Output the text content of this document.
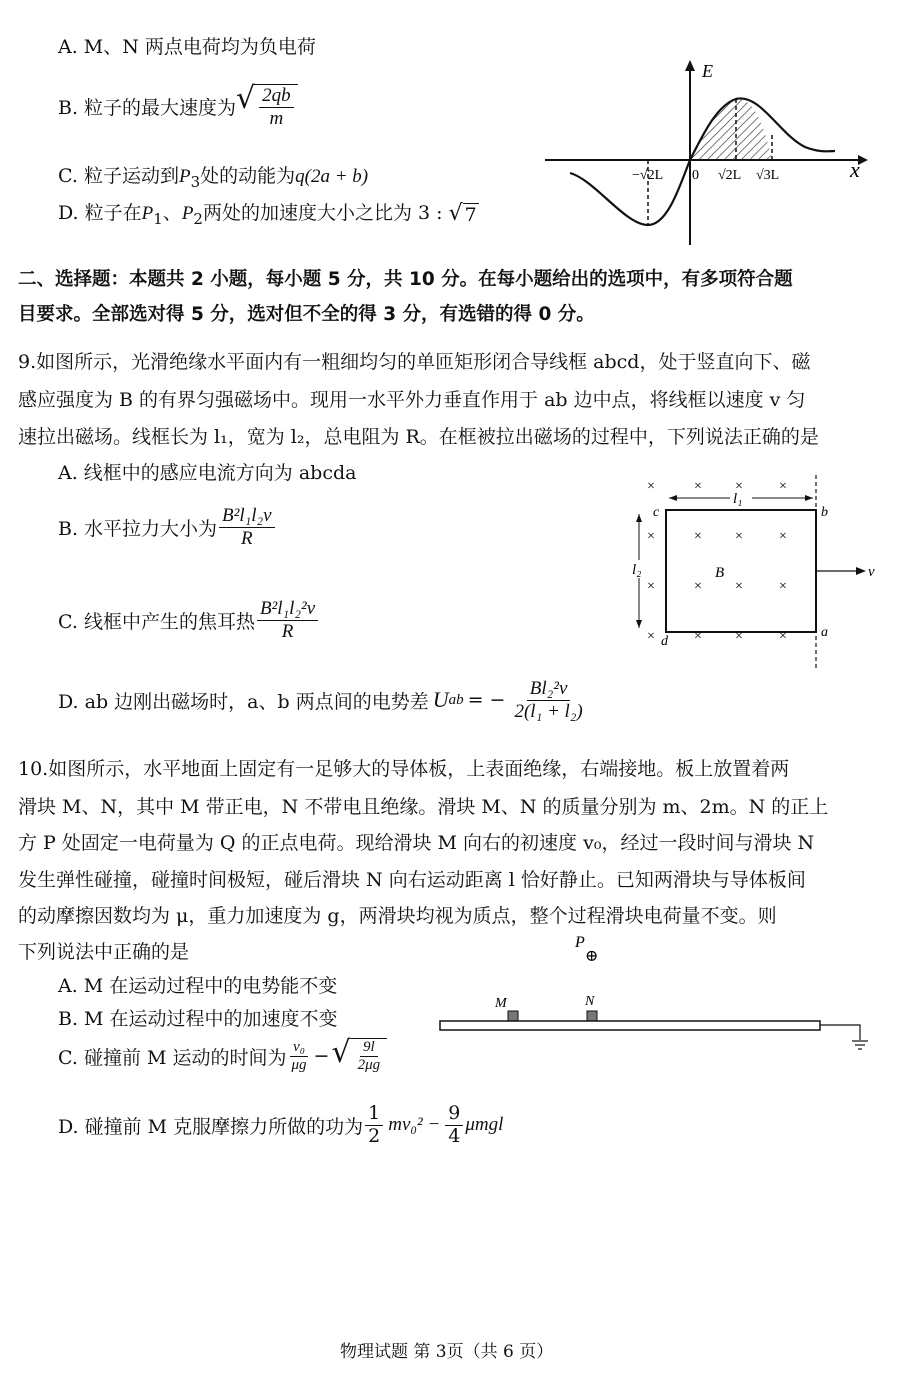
A. M、N 两点电荷均为负电荷
B. 粒子的最大速度为 √ $\frac{2qb}{m}$
C. 粒子运动到$P_3$处的动能为q(2a + b)
D. 粒子在$P_1$、$P_2$两处的加速度大小之比为 3 : √ 7
E
x
0
−√2L	√2L √3L
二、选择题：本题共 2 小题，每小题 5 分，共 10 分。在每小题给出的选项中，有多项符合题
目要求。全部选对得 5 分，选对但不全的得 3 分，有选错的得 0 分。
9.如图所示，光滑绝缘水平面内有一粗细均匀的单匝矩形闭合导线框 abcd，处于竖直向下、磁
感应强度为 B 的有界匀强磁场中。现用一水平外力垂直作用于 ab 边中点，将线框以速度 v 匀
速拉出磁场。线框长为 l₁，宽为 l₂，总电阻为 R。在框被拉出磁场的过程中，下列说法正确的是
A. 线框中的感应电流方向为 abcda
B. 水平拉力大小为 $\frac{\text{B²l₁l₂v}}{R}$
C. 线框中产生的焦耳热 $\frac{\text{B²l₁l₂²v}}{R}$
D. ab 边刚出磁场时，a、b 两点间的电势差 U ab = − $\frac{\text{Bl₂²v}}{\text{2(l₁ + l₂)}}$
l₁
l₂
c	b
d
a
B	v
×	× ×	×
×	× ×	×
×	× ×	×
×	× ×	×
10.如图所示，水平地面上固定有一足够大的导体板，上表面绝缘，右端接地。板上放置着两
滑块 M、N，其中 M 带正电，N 不带电且绝缘。滑块 M、N 的质量分别为 m、2m。N 的正上
方 P 处固定一电荷量为 Q 的正点电荷。现给滑块 M 向右的初速度 v₀，经过一段时间与滑块 N
发生弹性碰撞，碰撞时间极短，碰后滑块 N 向右运动距离 l 恰好静止。已知两滑块与导体板间
的动摩擦因数均为 μ，重力加速度为 g，两滑块均视为质点，整个过程滑块电荷量不变。则
下列说法中正确的是
A. M 在运动过程中的电势能不变
B. M 在运动过程中的加速度不变
C. 碰撞前 M 运动的时间为 $\frac{\text{v₀}}{\mu g}$ − √ $\frac{9l}{2\mu g}$
D. 碰撞前 M 克服摩擦力所做的功为 $\frac{1}{2} mv_0^2 - \frac{9}{4}$ μmgl
P
⊕
M	N
物理试题 第 3页（共 6 页）
